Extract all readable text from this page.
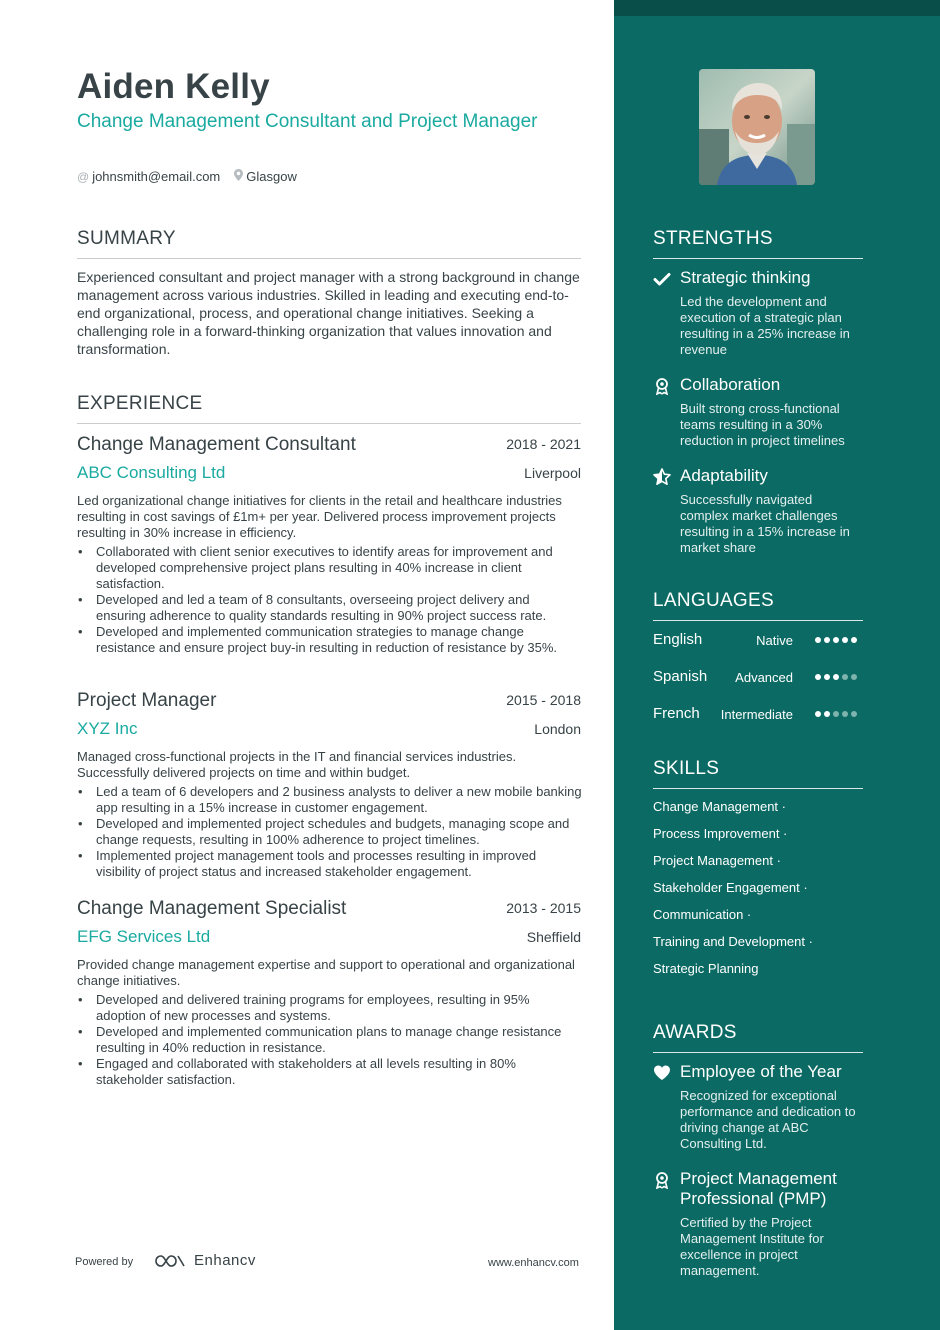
Aiden Kelly
Change Management Consultant and Project Manager
@ johnsmith@email.com Glasgow
SUMMARY
Experienced consultant and project manager with a strong background in change management across various industries. Skilled in leading and executing end-to-end organizational, process, and operational change initiatives. Seeking a challenging role in a forward-thinking organization that values innovation and transformation.
EXPERIENCE
Change Management Consultant	2018 - 2021
ABC Consulting Ltd	Liverpool
Led organizational change initiatives for clients in the retail and healthcare industries resulting in cost savings of £1m+ per year. Delivered process improvement projects resulting in 30% increase in efficiency.
• Collaborated with client senior executives to identify areas for improvement and developed comprehensive project plans resulting in 40% increase in client satisfaction.
• Developed and led a team of 8 consultants, overseeing project delivery and ensuring adherence to quality standards resulting in 90% project success rate.
• Developed and implemented communication strategies to manage change resistance and ensure project buy-in resulting in reduction of resistance by 35%.
Project Manager	2015 - 2018
XYZ Inc	London
Managed cross-functional projects in the IT and financial services industries. Successfully delivered projects on time and within budget.
• Led a team of 6 developers and 2 business analysts to deliver a new mobile banking app resulting in a 15% increase in customer engagement.
• Developed and implemented project schedules and budgets, managing scope and change requests, resulting in 100% adherence to project timelines.
• Implemented project management tools and processes resulting in improved visibility of project status and increased stakeholder engagement.
Change Management Specialist	2013 - 2015
EFG Services Ltd	Sheffield
Provided change management expertise and support to operational and organizational change initiatives.
• Developed and delivered training programs for employees, resulting in 95% adoption of new processes and systems.
• Developed and implemented communication plans to manage change resistance resulting in 40% reduction in resistance.
• Engaged and collaborated with stakeholders at all levels resulting in 80% stakeholder satisfaction.
Powered by	Enhancv	www.enhancv.com
STRENGTHS
Strategic thinking
Led the development and execution of a strategic plan resulting in a 25% increase in revenue
Collaboration
Built strong cross-functional teams resulting in a 30% reduction in project timelines
Adaptability
Successfully navigated complex market challenges resulting in a 15% increase in market share
LANGUAGES
English	Native
Spanish	Advanced
French	Intermediate
SKILLS
Change Management ·
Process Improvement ·
Project Management ·
Stakeholder Engagement ·
Communication ·
Training and Development ·
Strategic Planning
AWARDS
Employee of the Year
Recognized for exceptional performance and dedication to driving change at ABC Consulting Ltd.
Project Management Professional (PMP)
Certified by the Project Management Institute for excellence in project management.
